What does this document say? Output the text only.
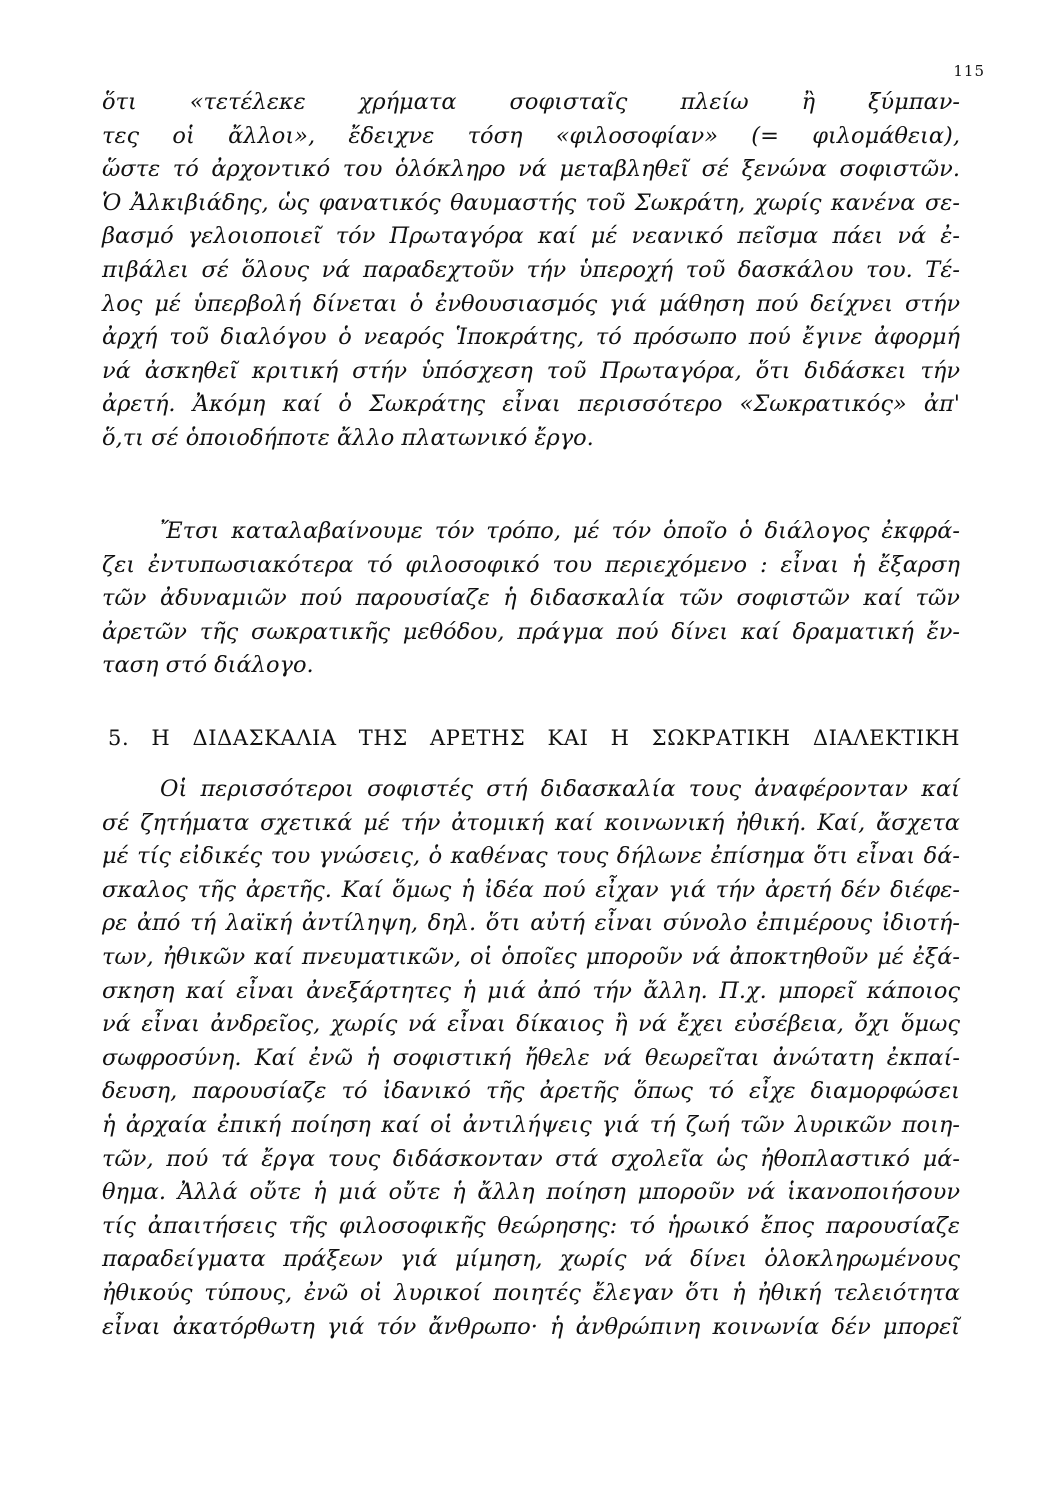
115
ὅτι «τετέλεκε χρήματα σοφισταῖς πλείω ἢ ξύμπαν-
τες οἱ ἄλλοι», ἔδειχνε τόση «φιλοσοφίαν» (= φιλομάθεια),
ὥστε τό ἀρχοντικό του ὁλόκληρο νά μεταβληθεῖ σέ ξενώνα σοφιστῶν.
Ὁ Ἀλκιβιάδης, ὡς φανατικός θαυμαστής τοῦ Σωκράτη, χωρίς κανένα σε-
βασμό γελοιοποιεῖ τόν Πρωταγόρα καί μέ νεανικό πεῖσμα πάει νά ἐ-
πιβάλει σέ ὅλους νά παραδεχτοῦν τήν ὑπεροχή τοῦ δασκάλου του. Τέ-
λος μέ ὑπερβολή δίνεται ὁ ἐνθουσιασμός γιά μάθηση πού δείχνει στήν
ἀρχή τοῦ διαλόγου ὁ νεαρός Ἱποκράτης, τό πρόσωπο πού ἔγινε ἀφορμή
νά ἀσκηθεῖ κριτική στήν ὑπόσχεση τοῦ Πρωταγόρα, ὅτι διδάσκει τήν
ἀρετή. Ἀκόμη καί ὁ Σωκράτης εἶναι περισσότερο «Σωκρατικός» ἀπ'
ὅ,τι σέ ὁποιοδήποτε ἄλλο πλατωνικό ἔργο.
Ἔτσι καταλαβαίνουμε τόν τρόπο, μέ τόν ὁποῖο ὁ διάλογος ἐκφρά-
ζει ἐντυπωσιακότερα τό φιλοσοφικό του περιεχόμενο : εἶναι ἡ ἔξαρση
τῶν ἀδυναμιῶν πού παρουσίαζε ἡ διδασκαλία τῶν σοφιστῶν καί τῶν
ἀρετῶν τῆς σωκρατικῆς μεθόδου, πράγμα πού δίνει καί δραματική ἔν-
ταση στό διάλογο.
5. Η ΔΙΔΑΣΚΑΛΙΑ ΤΗΣ ΑΡΕΤΗΣ ΚΑΙ Η ΣΩΚΡΑΤΙΚΗ ΔΙΑΛΕΚΤΙΚΗ
Οἱ περισσότεροι σοφιστές στή διδασκαλία τους ἀναφέρονταν καί
σέ ζητήματα σχετικά μέ τήν ἀτομική καί κοινωνική ἠθική. Καί, ἄσχετα
μέ τίς εἰδικές του γνώσεις, ὁ καθένας τους δήλωνε ἐπίσημα ὅτι εἶναι δά-
σκαλος τῆς ἀρετῆς. Καί ὅμως ἡ ἰδέα πού εἶχαν γιά τήν ἀρετή δέν διέφε-
ρε ἀπό τή λαϊκή ἀντίληψη, δηλ. ὅτι αὐτή εἶναι σύνολο ἐπιμέρους ἰδιοτή-
των, ἠθικῶν καί πνευματικῶν, οἱ ὁποῖες μποροῦν νά ἀποκτηθοῦν μέ ἐξά-
σκηση καί εἶναι ἀνεξάρτητες ἡ μιά ἀπό τήν ἄλλη. Π.χ. μπορεῖ κάποιος
νά εἶναι ἀνδρεῖος, χωρίς νά εἶναι δίκαιος ἢ νά ἔχει εὐσέβεια, ὄχι ὅμως
σωφροσύνη. Καί ἐνῶ ἡ σοφιστική ἤθελε νά θεωρεῖται ἀνώτατη ἐκπαί-
δευση, παρουσίαζε τό ἰδανικό τῆς ἀρετῆς ὅπως τό εἶχε διαμορφώσει
ἡ ἀρχαία ἐπική ποίηση καί οἱ ἀντιλήψεις γιά τή ζωή τῶν λυρικῶν ποιη-
τῶν, πού τά ἔργα τους διδάσκονταν στά σχολεῖα ὡς ἠθοπλαστικό μά-
θημα. Ἀλλά οὔτε ἡ μιά οὔτε ἡ ἄλλη ποίηση μποροῦν νά ἱκανοποιήσουν
τίς ἀπαιτήσεις τῆς φιλοσοφικῆς θεώρησης: τό ἡρωικό ἔπος παρουσίαζε
παραδείγματα πράξεων γιά μίμηση, χωρίς νά δίνει ὁλοκληρωμένους
ἠθικούς τύπους, ἐνῶ οἱ λυρικοί ποιητές ἔλεγαν ὅτι ἡ ἠθική τελειότητα
εἶναι ἀκατόρθωτη γιά τόν ἄνθρωπο· ἡ ἀνθρώπινη κοινωνία δέν μπορεῖ
